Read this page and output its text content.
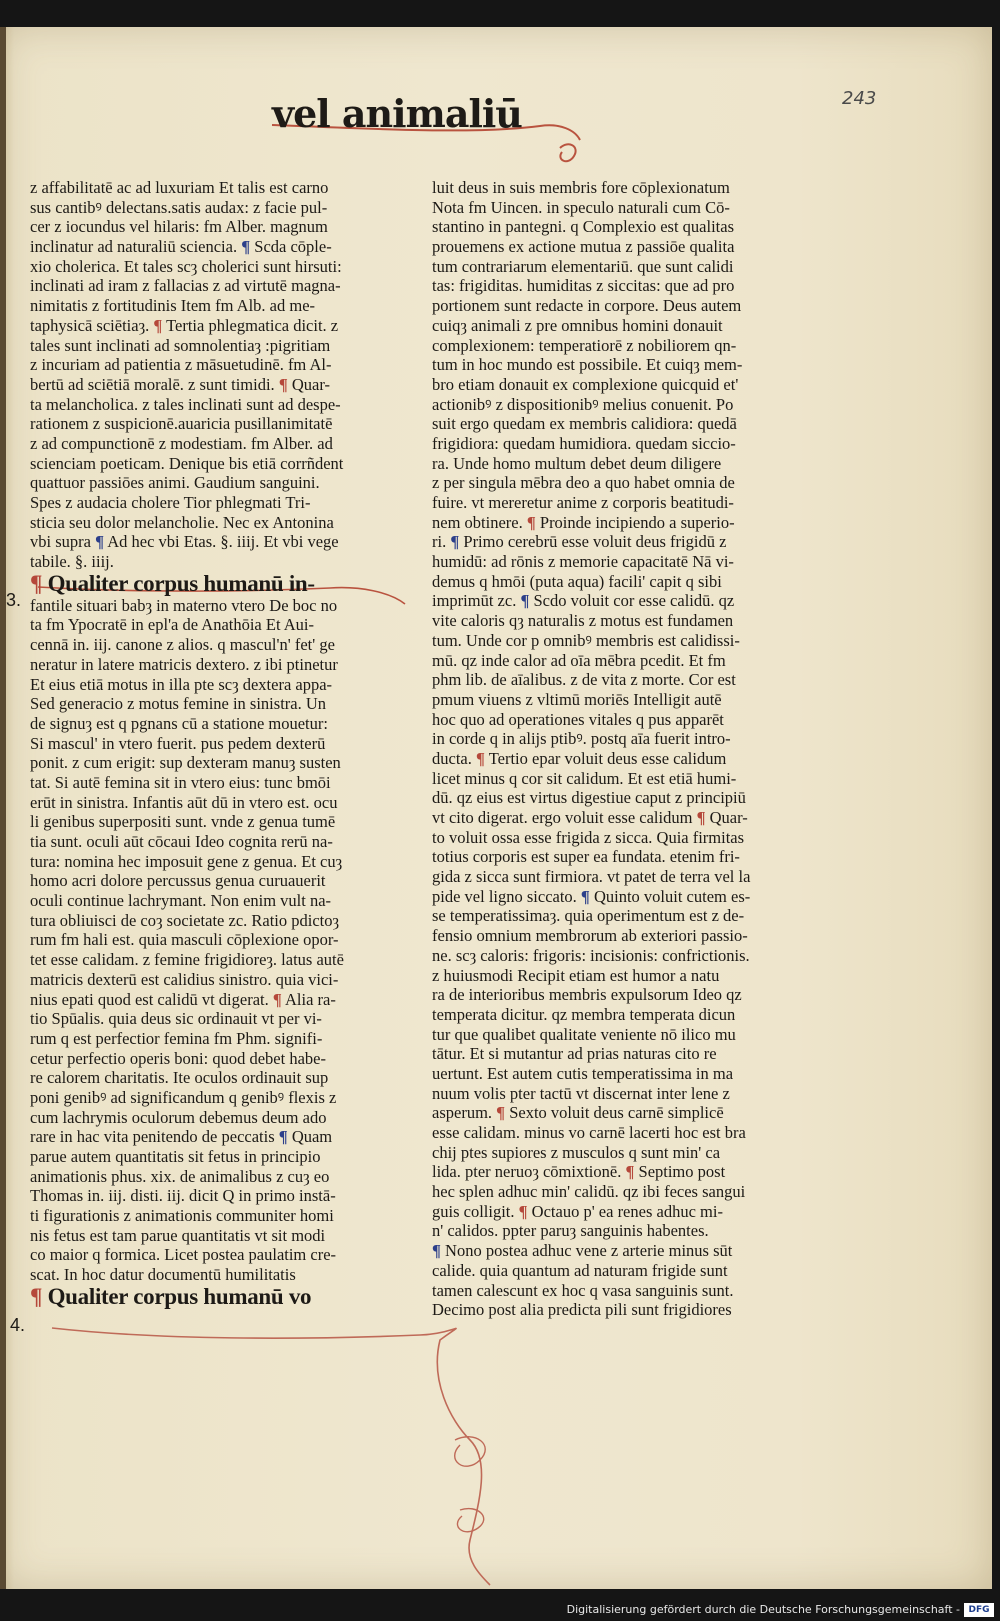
vel animaliū	243
3.
4.
z affabilitatē ac ad luxuriam Et talis est carno
sus cantibꝰ delectans.satis audax: z facie pul-
cer z iocundus vel hilaris: fm Alber. magnum
inclinatur ad naturaliū sciencia. ¶ Scda cōple-
xio cholerica. Et tales scȝ cholerici sunt hirsuti:
inclinati ad iram z fallacias z ad virtutē magna-
nimitatis z fortitudinis Item fm Alb. ad me-
taphysicā sciētiaȝ. ¶ Tertia phlegmatica dicit. z
tales sunt inclinati ad somnolentiaȝ :pigritiam
z incuriam ad patientia z māsuetudinē. fm Al-
bertū ad sciētiā moralē. z sunt timidi. ¶ Quar-
ta melancholica. z tales inclinati sunt ad despe-
rationem z suspicionē.auaricia pusillanimitatē
z ad compunctionē z modestiam. fm Alber. ad
scienciam poeticam. Denique bis etiā corrñdent
quattuor passiōes animi. Gaudium sanguini.
Spes z audacia cholere Tior phlegmati Tri-
sticia seu dolor melancholie. Nec ex Antonina
vbi supra ¶ Ad hec vbi Etas. §. iiij. Et vbi vege
tabile. §. iiij.
¶ Qualiter corpus humanū in-
fantile situari babȝ in materno vtero De boc no
ta fm Ypocratē in epl'a de Anathōia Et Aui-
cennā in. iij. canone z alios. q mascul'n' fet' ge
neratur in latere matricis dextero. z ibi ptinetur
Et eius etiā motus in illa pte scȝ dextera appa-
Sed generacio z motus femine in sinistra. Un
de signuȝ est q pgnans cū a statione mouetur:
Si mascul' in vtero fuerit. pus pedem dexterū
ponit. z cum erigit: sup dexteram manuȝ susten
tat. Si autē femina sit in vtero eius: tunc bmōi
erūt in sinistra. Infantis aūt dū in vtero est. ocu
li genibus superpositi sunt. vnde z genua tumē
tia sunt. oculi aūt cōcaui Ideo cognita rerū na-
tura: nomina hec imposuit gene z genua. Et cuȝ
homo acri dolore percussus genua curuauerit
oculi continue lachrymant. Non enim vult na-
tura obliuisci de coȝ societate zc. Ratio pdictoȝ
rum fm hali est. quia masculi cōplexione opor-
tet esse calidam. z femine frigidioreȝ. latus autē
matricis dexterū est calidius sinistro. quia vici-
nius epati quod est calidū vt digerat. ¶ Alia ra-
tio Spūalis. quia deus sic ordinauit vt per vi-
rum q est perfectior femina fm Phm. signifi-
cetur perfectio operis boni: quod debet habe-
re calorem charitatis. Ite oculos ordinauit sup
poni genibꝰ ad significandum q genibꝰ flexis z
cum lachrymis oculorum debemus deum ado
rare in hac vita penitendo de peccatis ¶ Quam
parue autem quantitatis sit fetus in principio
animationis phus. xix. de animalibus z cuȝ eo
Thomas in. iij. disti. iij. dicit Q in primo instā-
ti figurationis z animationis communiter homi
nis fetus est tam parue quantitatis vt sit modi
co maior q formica. Licet postea paulatim cre-
scat. In hoc datur documentū humilitatis
¶ Qualiter corpus humanū vo
luit deus in suis membris fore cōplexionatum
Nota fm Uincen. in speculo naturali cum Cō-
stantino in pantegni. q Complexio est qualitas
prouemens ex actione mutua z passiōe qualita
tum contrariarum elementariū. que sunt calidi
tas: frigiditas. humiditas z siccitas: que ad pro
portionem sunt redacte in corpore. Deus autem
cuiqȝ animali z pre omnibus homini donauit
complexionem: temperatiorē z nobiliorem qn-
tum in hoc mundo est possibile. Et cuiqȝ mem-
bro etiam donauit ex complexione quicquid et'
actionibꝰ z dispositionibꝰ melius conuenit. Po
suit ergo quedam ex membris calidiora: quedā
frigidiora: quedam humidiora. quedam siccio-
ra. Unde homo multum debet deum diligere
z per singula mēbra deo a quo habet omnia de
fuire. vt mereretur anime z corporis beatitudi-
nem obtinere. ¶ Proinde incipiendo a superio-
ri. ¶ Primo cerebrū esse voluit deus frigidū z
humidū: ad rōnis z memorie capacitatē Nā vi-
demus q hmōi (puta aqua) facili' capit q sibi
imprimūt zc. ¶ Scdo voluit cor esse calidū. qz
vite caloris qȝ naturalis z motus est fundamen
tum. Unde cor p omnibꝰ membris est calidissi-
mū. qz inde calor ad oīa mēbra pcedit. Et fm
phm lib. de aīalibus. z de vita z morte. Cor est
pmum viuens z vltimū moriēs Intelligit autē
hoc quo ad operationes vitales q pus apparēt
in corde q in alijs ptibꝰ. postq aīa fuerit intro-
ducta. ¶ Tertio epar voluit deus esse calidum
licet minus q cor sit calidum. Et est etiā humi-
dū. qz eius est virtus digestiue caput z principiū
vt cito digerat. ergo voluit esse calidum ¶ Quar-
to voluit ossa esse frigida z sicca. Quia firmitas
totius corporis est super ea fundata. etenim fri-
gida z sicca sunt firmiora. vt patet de terra vel la
pide vel ligno siccato. ¶ Quinto voluit cutem es-
se temperatissimaȝ. quia operimentum est z de-
fensio omnium membrorum ab exteriori passio-
ne. scȝ caloris: frigoris: incisionis: confrictionis.
z huiusmodi Recipit etiam est humor a natu
ra de interioribus membris expulsorum Ideo qz
temperata dicitur. qz membra temperata dicun
tur que qualibet qualitate veniente nō ilico mu
tātur. Et si mutantur ad prias naturas cito re
uertunt. Est autem cutis temperatissima in ma
nuum volis pter tactū vt discernat inter lene z
asperum. ¶ Sexto voluit deus carnē simplicē
esse calidam. minus vo carnē lacerti hoc est bra
chij ptes supiores z musculos q sunt min' ca
lida. pter neruoȝ cōmixtionē. ¶ Septimo post
hec splen adhuc min' calidū. qz ibi feces sangui
guis colligit. ¶ Octauo p' ea renes adhuc mi-
n' calidos. ppter paruȝ sanguinis habentes.
¶ Nono postea adhuc vene z arterie minus sūt
calide. quia quantum ad naturam frigide sunt
tamen calescunt ex hoc q vasa sanguinis sunt.
Decimo post alia predicta pili sunt frigidiores
Digitalisierung gefördert durch die Deutsche Forschungsgemeinschaft - DFG
